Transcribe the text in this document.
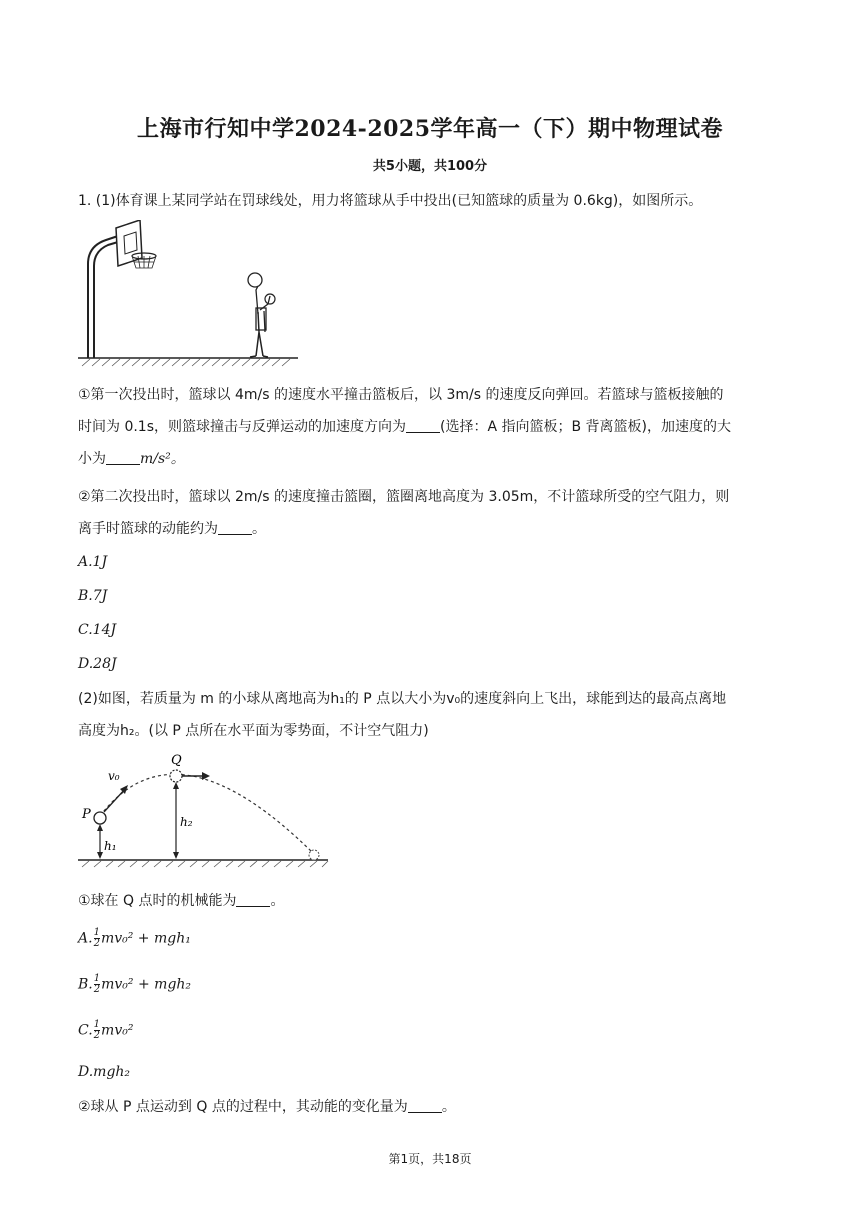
上海市行知中学2024-2025学年高一（下）期中物理试卷
共5小题，共100分
1. (1)体育课上某同学站在罚球线处，用力将篮球从手中投出(已知篮球的质量为 0.6kg)，如图所示。
①第一次投出时，篮球以 4m/s 的速度水平撞击篮板后，以 3m/s 的速度反向弹回。若篮球与篮板接触的
时间为 0.1s，则篮球撞击与反弹运动的加速度方向为 (选择：A 指向篮板；B 背离篮板)，加速度的大
小为 m/s²。
②第二次投出时，篮球以 2m/s 的速度撞击篮圈，篮圈离地高度为 3.05m，不计篮球所受的空气阻力，则
离手时篮球的动能约为 。
A.1J
B.7J
C.14J
D.28J
(2)如图，若质量为 m 的小球从离地高为h₁的 P 点以大小为v₀的速度斜向上飞出，球能到达的最高点离地
高度为h₂。(以 P 点所在水平面为零势面，不计空气阻力)
Q
v₀
P
h₁
h₂
①球在 Q 点时的机械能为 。
A. $\frac{1}{2} mv_0^2 + mgh_1$
B. $\frac{1}{2} mv_0^2 + mgh_2$
C. $\frac{1}{2} mv_0^2$
D.mgh₂
②球从 P 点运动到 Q 点的过程中，其动能的变化量为 。
第1页，共18页
